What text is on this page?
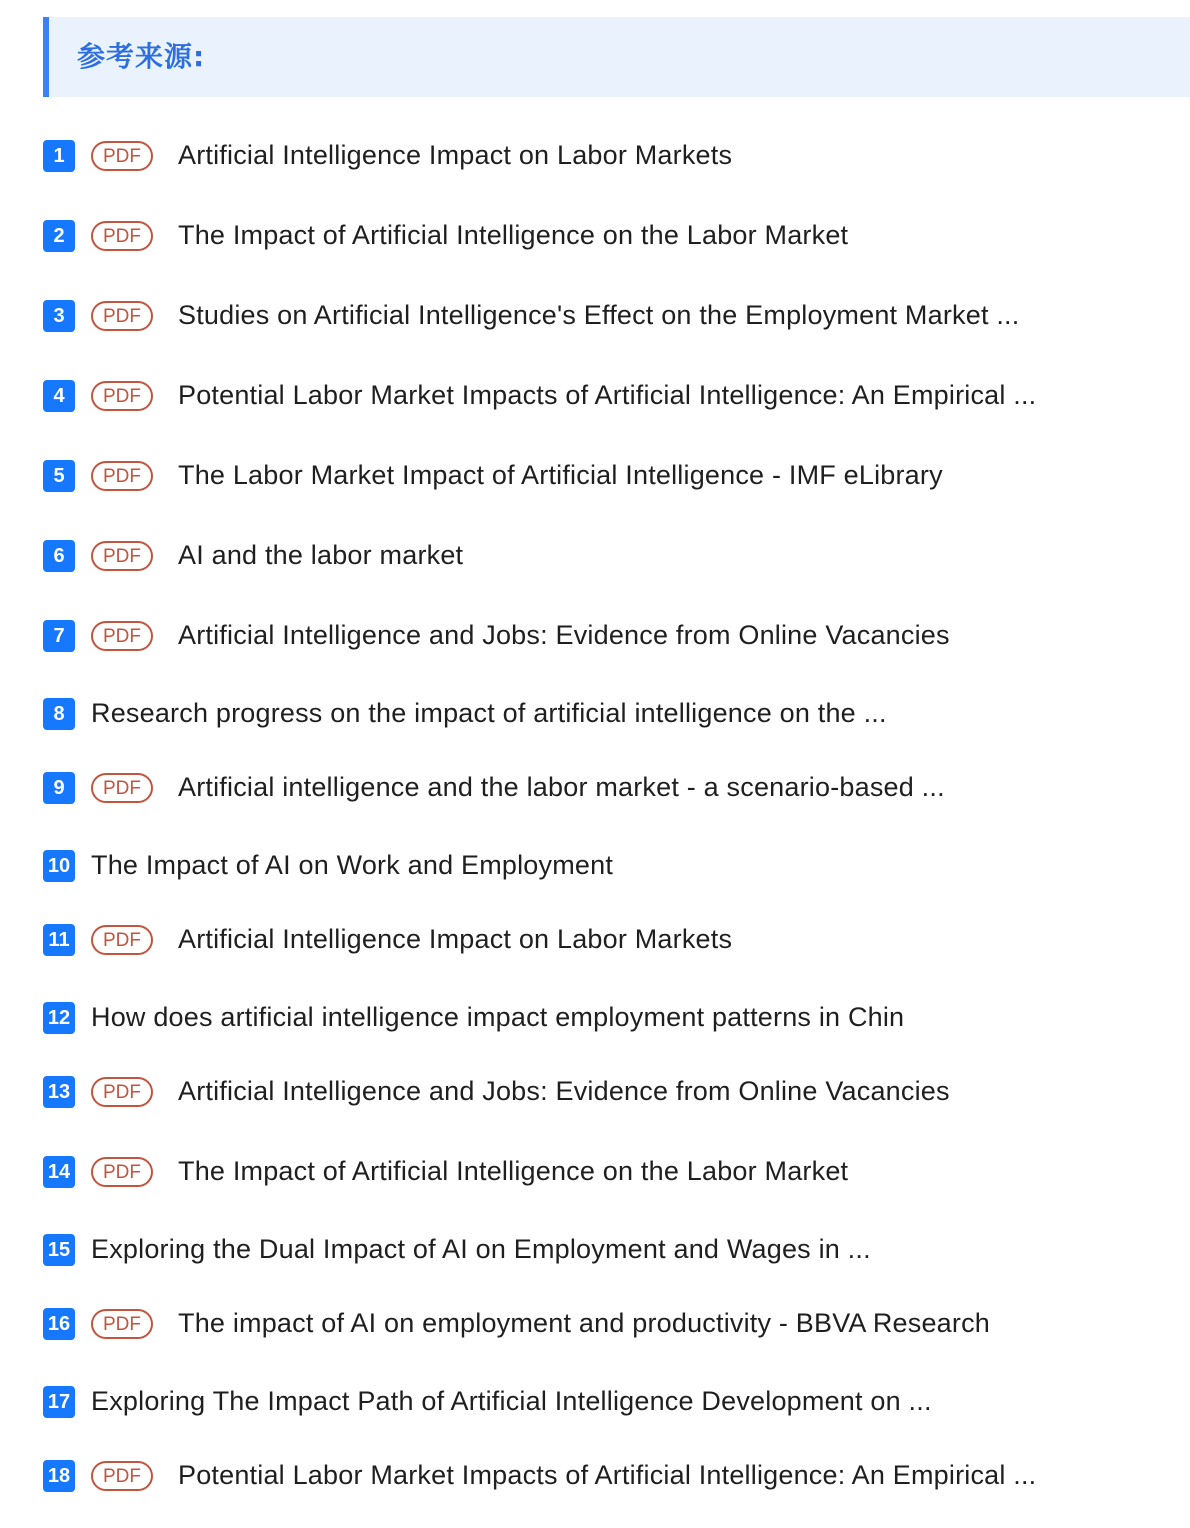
参考来源:
1	PDF	Artificial Intelligence Impact on Labor Markets
2	PDF	The Impact of Artificial Intelligence on the Labor Market
3	PDF	Studies on Artificial Intelligence's Effect on the Employment Market ...
4	PDF	Potential Labor Market Impacts of Artificial Intelligence: An Empirical ...
5	PDF	The Labor Market Impact of Artificial Intelligence - IMF eLibrary
6	PDF	AI and the labor market
7	PDF	Artificial Intelligence and Jobs: Evidence from Online Vacancies
8 Research progress on the impact of artificial intelligence on the ...
9	PDF	Artificial intelligence and the labor market - a scenario-based ...
10 The Impact of AI on Work and Employment
11	PDF	Artificial Intelligence Impact on Labor Markets
12 How does artificial intelligence impact employment patterns in Chin
13	PDF	Artificial Intelligence and Jobs: Evidence from Online Vacancies
14	PDF	The Impact of Artificial Intelligence on the Labor Market
15 Exploring the Dual Impact of AI on Employment and Wages in ...
16	PDF	The impact of AI on employment and productivity - BBVA Research
17 Exploring The Impact Path of Artificial Intelligence Development on ...
18	PDF	Potential Labor Market Impacts of Artificial Intelligence: An Empirical ...
